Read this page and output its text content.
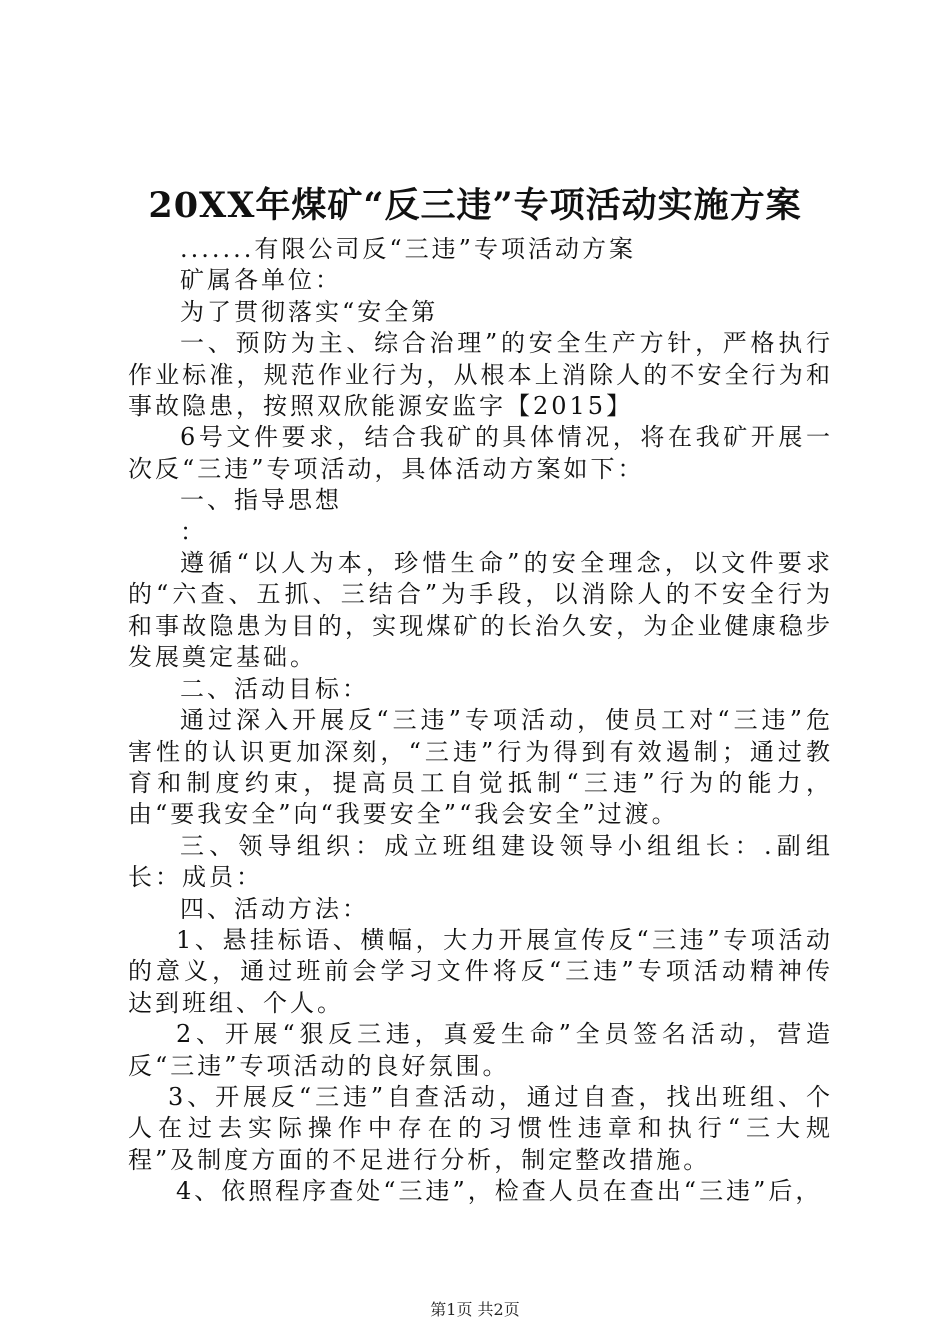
20XX年煤矿“反三违”专项活动实施方案

.......有限公司反“三违”专项活动方案

矿属各单位：

为了贯彻落实“安全第

一、预防为主、综合治理”的安全生产方针，严格执行作业标准，规范作业行为，从根本上消除人的不安全行为和事故隐患，按照双欣能源安监字【2015】

6号文件要求，结合我矿的具体情况，将在我矿开展一次反“三违”专项活动，具体活动方案如下：

一、指导思想

：

遵循“以人为本，珍惜生命”的安全理念，以文件要求的“六查、五抓、三结合”为手段，以消除人的不安全行为和事故隐患为目的，实现煤矿的长治久安，为企业健康稳步发展奠定基础。

二、活动目标：

通过深入开展反“三违”专项活动，使员工对“三违”危害性的认识更加深刻，“三违”行为得到有效遏制；通过教育和制度约束，提高员工自觉抵制“三违”行为的能力，由“要我安全”向“我要安全”“我会安全”过渡。

三、领导组织：成立班组建设领导小组组长：.副组长：成员：

四、活动方法：

1、悬挂标语、横幅，大力开展宣传反“三违”专项活动的意义，通过班前会学习文件将反“三违”专项活动精神传达到班组、个人。

2、开展“狠反三违，真爱生命”全员签名活动，营造反“三违”专项活动的良好氛围。

3、开展反“三违”自查活动，通过自查，找出班组、个人在过去实际操作中存在的习惯性违章和执行“三大规程”及制度方面的不足进行分析，制定整改措施。

4、依照程序查处“三违”，检查人员在查出“三违”后，

第1页 共2页
